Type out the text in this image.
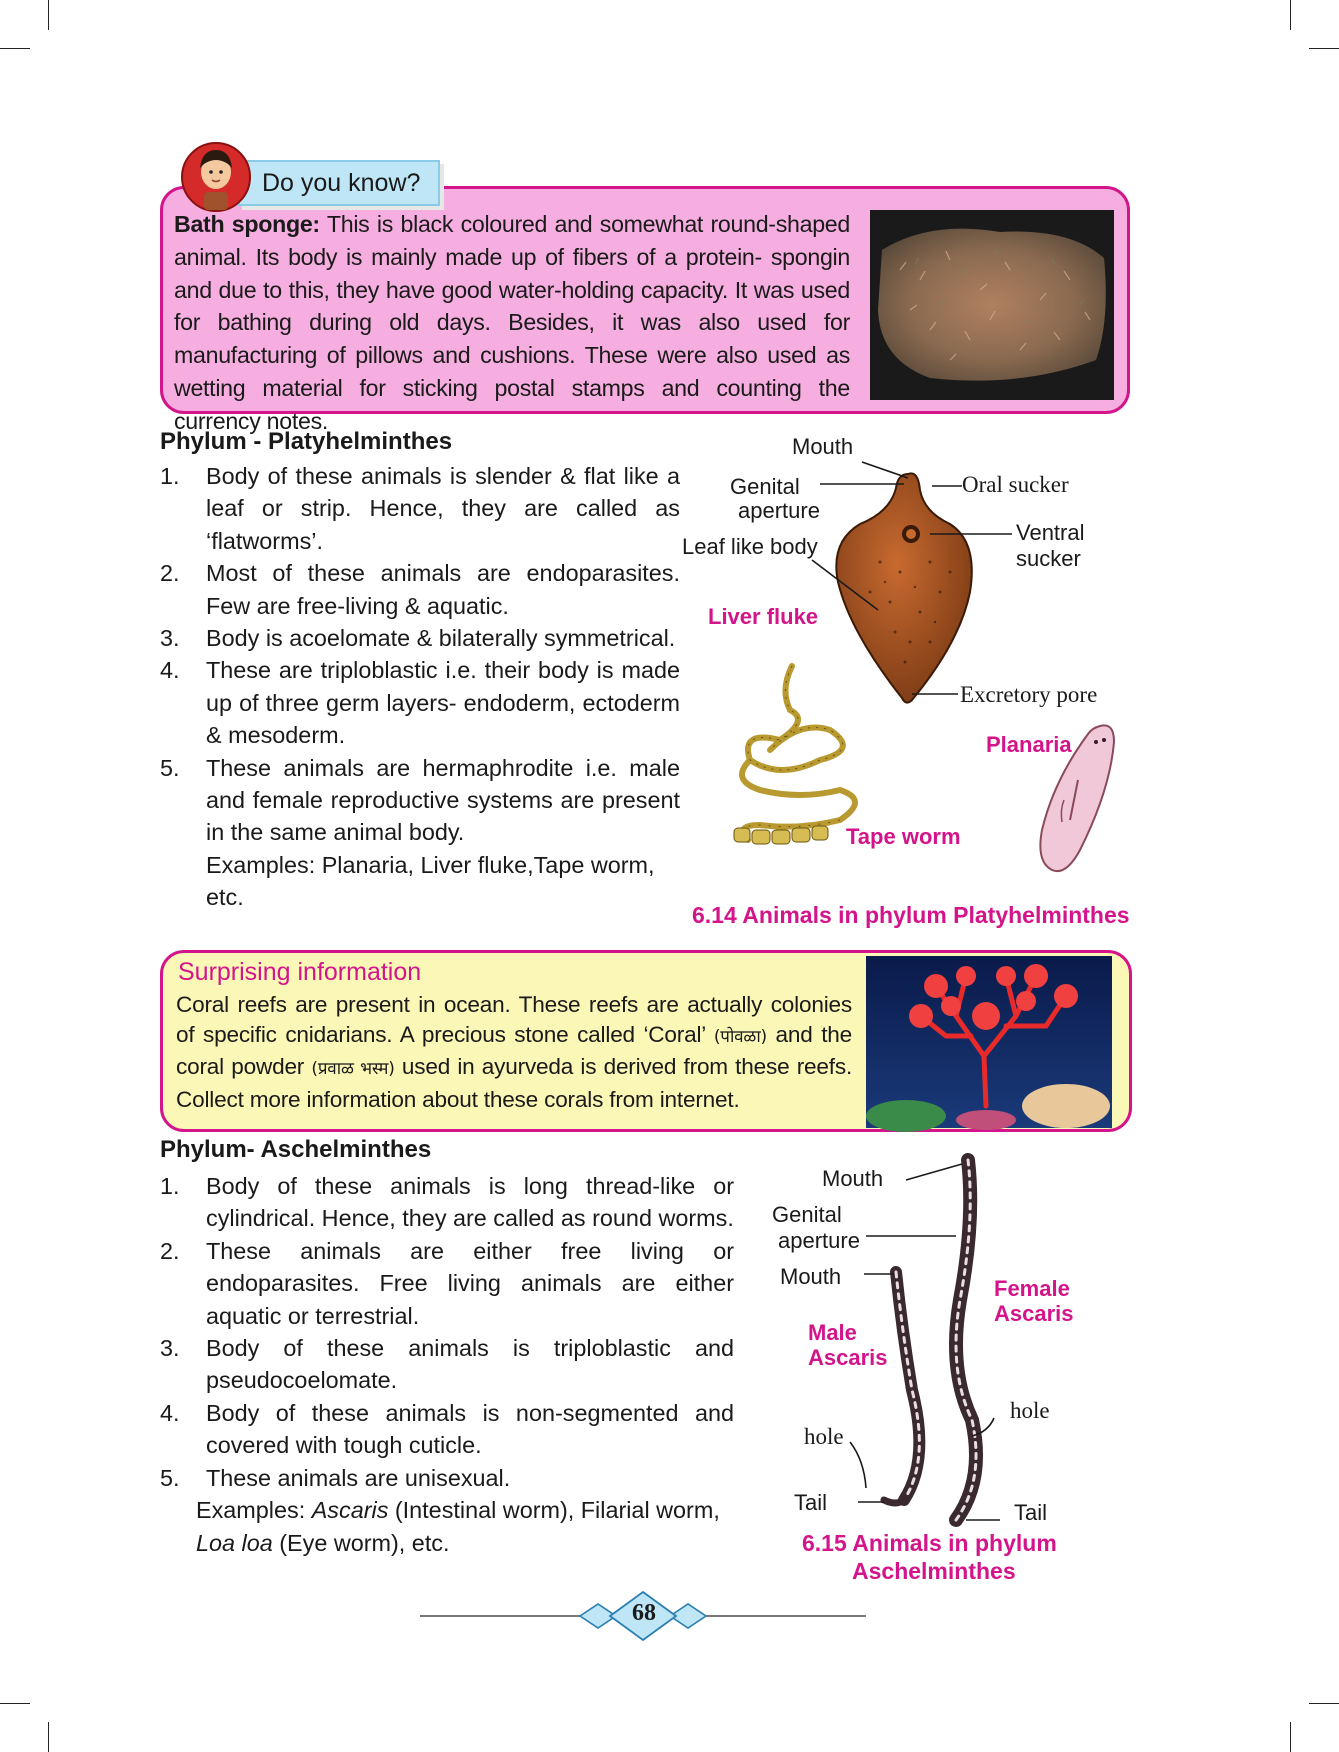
Do you know?
Bath sponge: This is black coloured and somewhat round-shaped animal. Its body is mainly made up of fibers of a protein- spongin and due to this, they have good water-holding capacity. It was used for bathing during old days. Besides, it was also used for manufacturing of pillows and cushions. These were also used as wetting material for sticking postal stamps and counting the currency notes.
Phylum - Platyhelminthes
1. Body of these animals is slender & flat like a leaf or strip. Hence, they are called as ‘flatworms’.
2. Most of these animals are endoparasites. Few are free-living & aquatic.
3. Body is acoelomate & bilaterally symmetrical.
4. These are triploblastic i.e. their body is made up of three germ layers- endoderm, ectoderm & mesoderm.
5. These animals are hermaphrodite i.e. male and female reproductive systems are present in the same animal body.
Examples: Planaria, Liver fluke,Tape worm, etc.
Mouth
Genital
aperture
Leaf like body
Oral sucker
Ventral
sucker
Liver fluke
Excretory pore
Planaria
Tape worm
6.14 Animals in phylum Platyhelminthes
Surprising information
Coral reefs are present in ocean. These reefs are actually colonies of specific cnidarians. A precious stone called ‘Coral’ (पोवळा) and the coral powder (प्रवाळ भस्म) used in ayurveda is derived from these reefs. Collect more information about these corals from internet.
Phylum- Aschelminthes
1. Body of these animals is long thread-like or cylindrical. Hence, they are called as round worms.
2. These animals are either free living or endoparasites. Free living animals are either aquatic or terrestrial.
3. Body of these animals is triploblastic and pseudocoelomate.
4. Body of these animals is non-segmented and covered with tough cuticle.
5. These animals are unisexual.
Examples: Ascaris (Intestinal worm), Filarial worm, Loa loa (Eye worm), etc.
Mouth
Genital
aperture
Mouth	Female
Ascaris
Male
Ascaris
hole
hole
Tail	Tail
6.15 Animals in phylum
Aschelminthes
68
